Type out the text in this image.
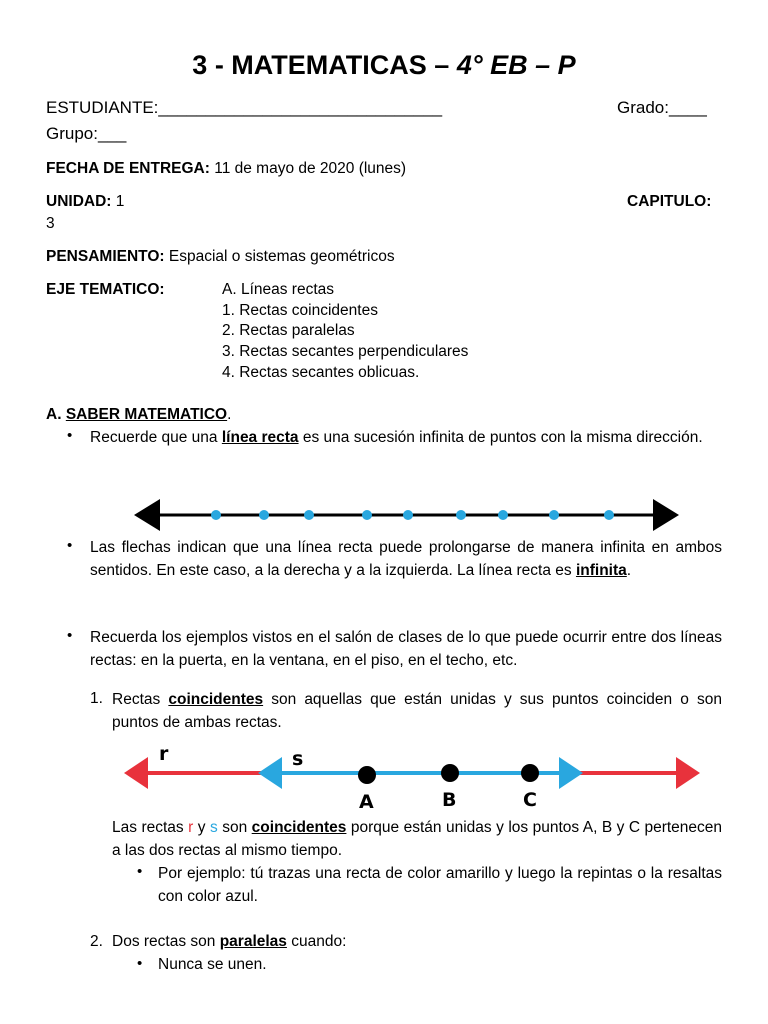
3 - MATEMATICAS – 4° EB – P
ESTUDIANTE:______________________________	Grado:____
Grupo:___
FECHA DE ENTREGA: 11 de mayo de 2020 (lunes)
UNIDAD: 1	CAPITULO:
3
PENSAMIENTO: Espacial o sistemas geométricos
EJE TEMATICO:	A. Líneas rectas
1. Rectas coincidentes
2. Rectas paralelas
3. Rectas secantes perpendiculares
4. Rectas secantes oblicuas.
A. SABER MATEMATICO.
• Recuerde que una línea recta es una sucesión infinita de puntos con la misma dirección.
• Las flechas indican que una línea recta puede prolongarse de manera infinita en ambos sentidos. En este caso, a la derecha y a la izquierda. La línea recta es infinita.
• Recuerda los ejemplos vistos en el salón de clases de lo que puede ocurrir entre dos líneas rectas: en la puerta, en la ventana, en el piso, en el techo, etc.
1. Rectas coincidentes son aquellas que están unidas y sus puntos coinciden o son puntos de ambas rectas.
r	s
A	B	C
Las rectas r y s son coincidentes porque están unidas y los puntos A, B y C pertenecen a las dos rectas al mismo tiempo.
• Por ejemplo: tú trazas una recta de color amarillo y luego la repintas o la resaltas con color azul.
2. Dos rectas son paralelas cuando:
• Nunca se unen.
